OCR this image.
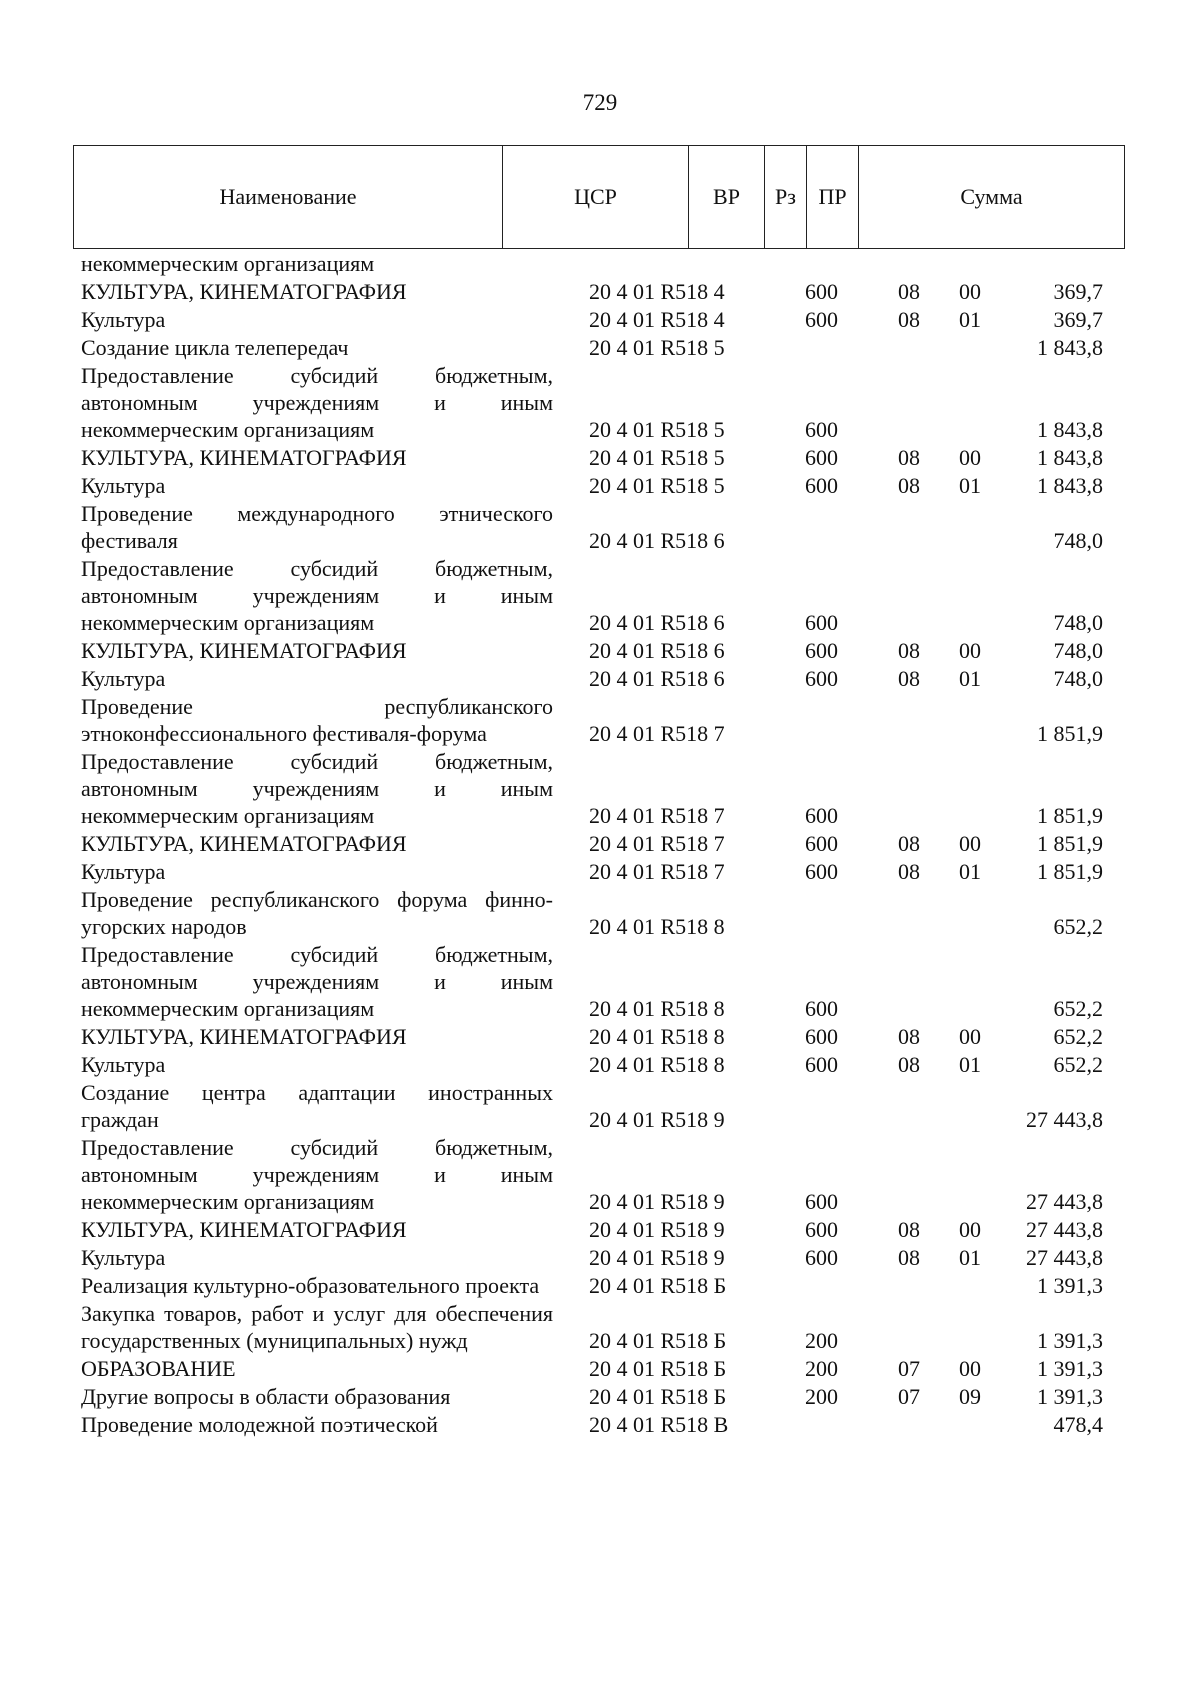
729
Наименование	ЦСР	ВР	Рз	ПР	Сумма
некоммерческим организациям					

КУЛЬТУРА, КИНЕМАТОГРАФИЯ	20 4 01 R518 4	600	08	00	369,7

Культура	20 4 01 R518 4	600	08	01	369,7

Создание цикла телепередач	20 4 01 R518 5				1 843,8

Предоставление субсидий бюджетным, автономным учреждениям и иным некоммерческим организациям	20 4 01 R518 5	600			1 843,8

КУЛЬТУРА, КИНЕМАТОГРАФИЯ	20 4 01 R518 5	600	08	00	1 843,8

Культура	20 4 01 R518 5	600	08	01	1 843,8

Проведение международного этнического фестиваля	20 4 01 R518 6				748,0

Предоставление субсидий бюджетным, автономным учреждениям и иным некоммерческим организациям	20 4 01 R518 6	600			748,0

КУЛЬТУРА, КИНЕМАТОГРАФИЯ	20 4 01 R518 6	600	08	00	748,0

Культура	20 4 01 R518 6	600	08	01	748,0

Проведение республиканского этноконфессионального фестиваля-форума	20 4 01 R518 7				1 851,9

Предоставление субсидий бюджетным, автономным учреждениям и иным некоммерческим организациям	20 4 01 R518 7	600			1 851,9

КУЛЬТУРА, КИНЕМАТОГРАФИЯ	20 4 01 R518 7	600	08	00	1 851,9

Культура	20 4 01 R518 7	600	08	01	1 851,9

Проведение республиканского форума финно-угорских народов	20 4 01 R518 8				652,2

Предоставление субсидий бюджетным, автономным учреждениям и иным некоммерческим организациям	20 4 01 R518 8	600			652,2

КУЛЬТУРА, КИНЕМАТОГРАФИЯ	20 4 01 R518 8	600	08	00	652,2

Культура	20 4 01 R518 8	600	08	01	652,2

Создание центра адаптации иностранных граждан	20 4 01 R518 9				27 443,8

Предоставление субсидий бюджетным, автономным учреждениям и иным некоммерческим организациям	20 4 01 R518 9	600			27 443,8

КУЛЬТУРА, КИНЕМАТОГРАФИЯ	20 4 01 R518 9	600	08	00	27 443,8

Культура	20 4 01 R518 9	600	08	01	27 443,8

Реализация культурно-образовательного проекта	20 4 01 R518 Б				1 391,3

Закупка товаров, работ и услуг для обеспечения государственных (муниципальных) нужд	20 4 01 R518 Б	200			1 391,3

ОБРАЗОВАНИЕ	20 4 01 R518 Б	200	07	00	1 391,3

Другие вопросы в области образования	20 4 01 R518 Б	200	07	09	1 391,3

Проведение молодежной поэтической	20 4 01 R518 В				478,4
